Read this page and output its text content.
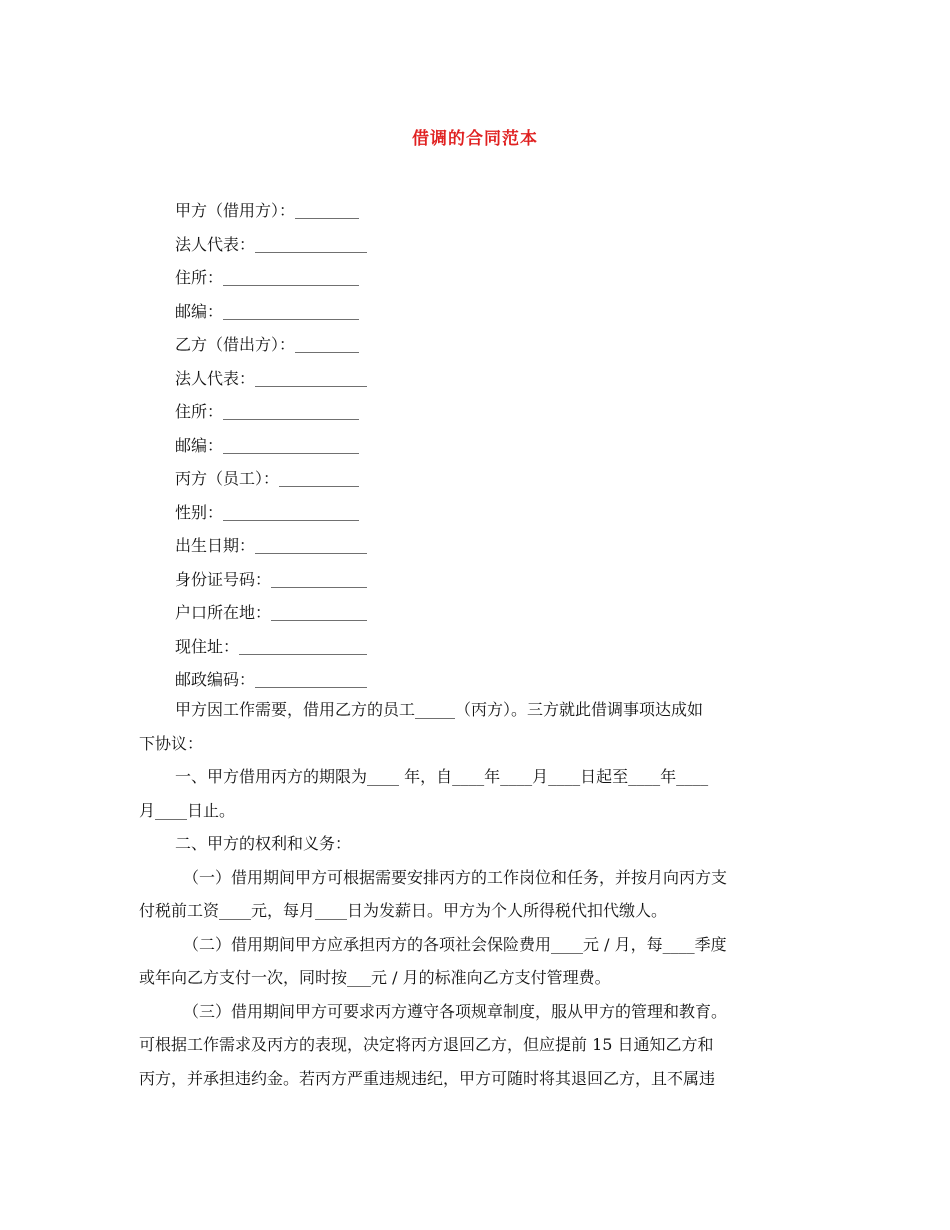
借调的合同范本
甲方（借用方）： ________
法人代表： ______________
住所： _________________
邮编： _________________
乙方（借出方）： ________
法人代表： ______________
住所： _________________
邮编： _________________
丙方（员工）： __________
性别： _________________
出生日期： ______________
身份证号码： ____________
户口所在地： ____________
现住址： ________________
邮政编码： ______________
甲方因工作需要，借用乙方的员工_____（丙方）。三方就此借调事项达成如
下协议：
一、甲方借用丙方的期限为____ 年，自____年____月____日起至____年____
月____日止。
二、甲方的权利和义务：
（一）借用期间甲方可根据需要安排丙方的工作岗位和任务，并按月向丙方支
付税前工资____元，每月____日为发薪日。甲方为个人所得税代扣代缴人。
（二）借用期间甲方应承担丙方的各项社会保险费用____元 / 月，每____季度
或年向乙方支付一次，同时按___元 / 月的标准向乙方支付管理费。
（三）借用期间甲方可要求丙方遵守各项规章制度，服从甲方的管理和教育。
可根据工作需求及丙方的表现，决定将丙方退回乙方，但应提前 15 日通知乙方和
丙方，并承担违约金。若丙方严重违规违纪，甲方可随时将其退回乙方，且不属违
